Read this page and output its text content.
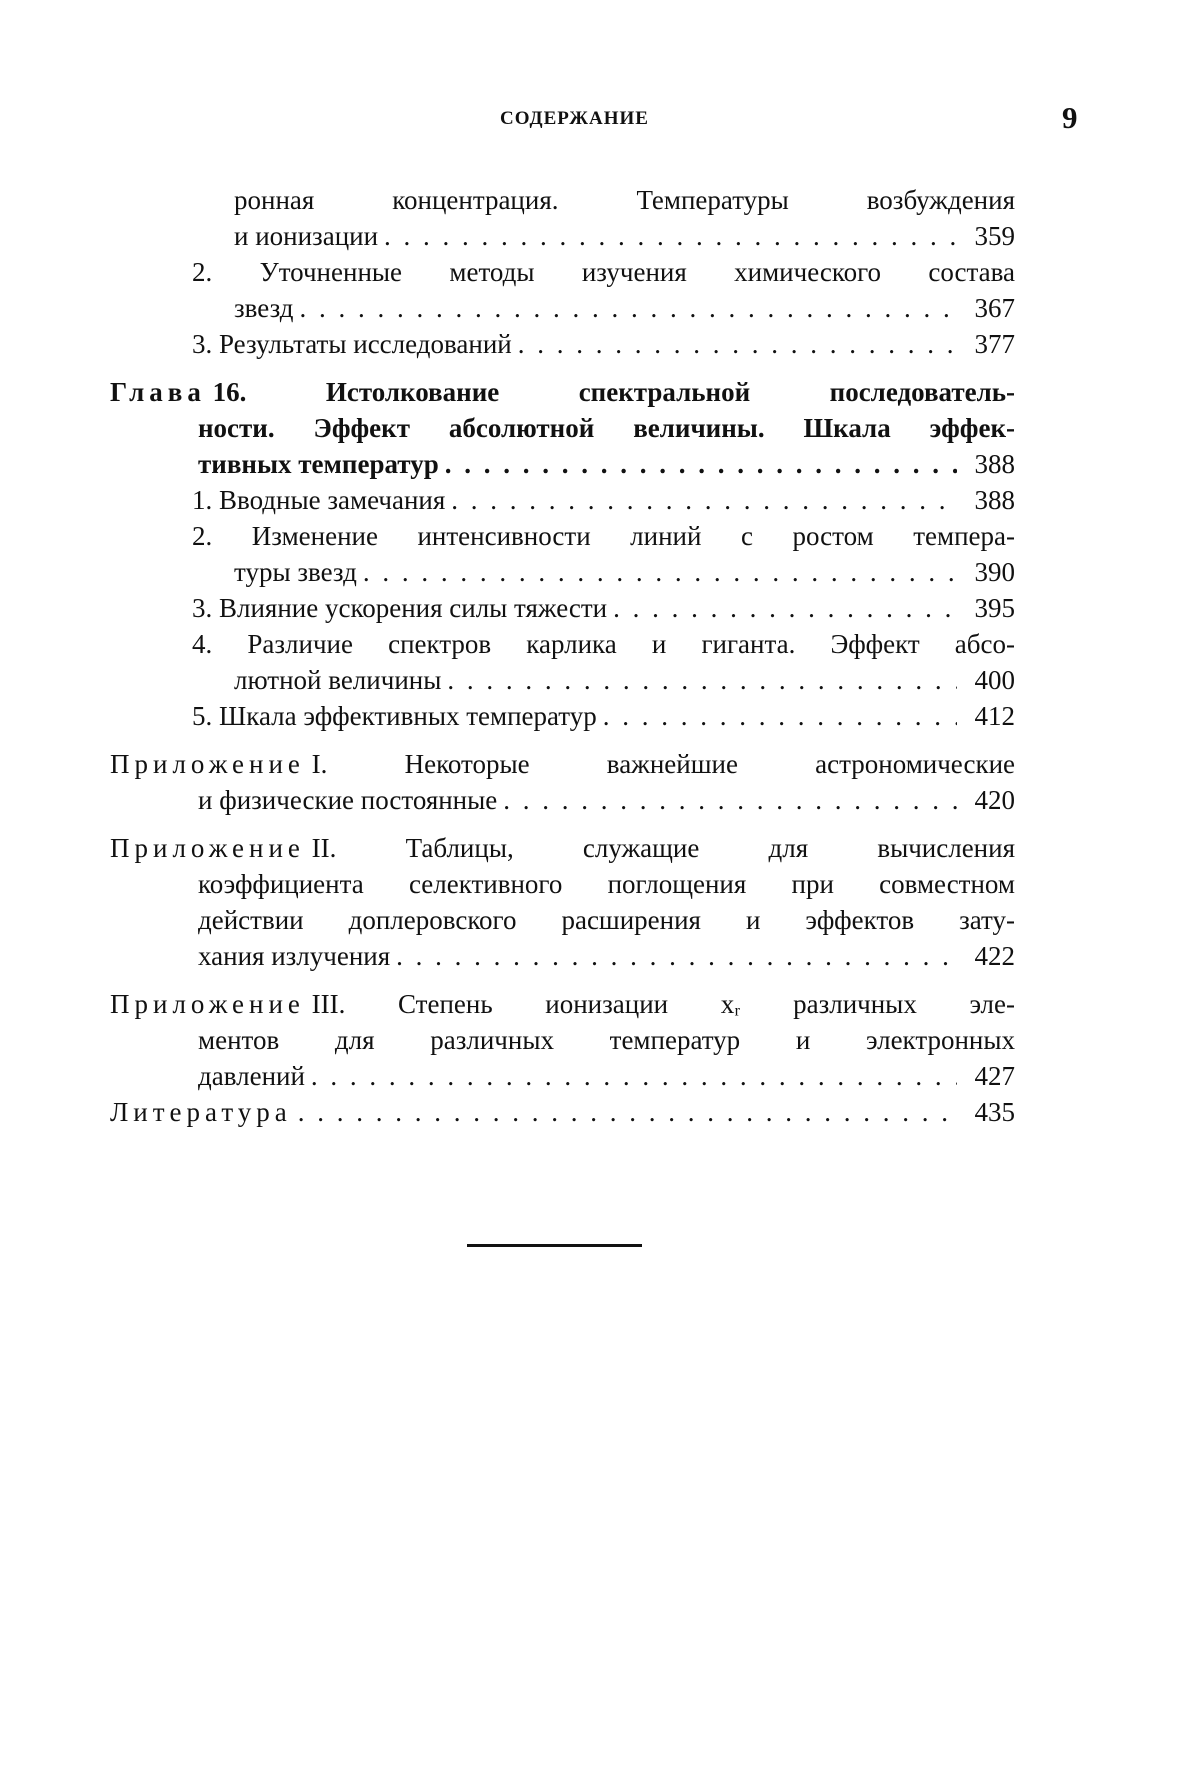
СОДЕРЖАНИЕ	9
ронная концентрация. Температуры возбуждения
и ионизации . . .	359
2. Уточненные методы изучения химического состава
звезд . . .	367
3. Результаты исследований . . .	377
Глава
16. Истолкование спектральной последователь-
ности. Эффект абсолютной величины. Шкала эффек-
тивных температур . . .	388
1. Вводные замечания . . .	388
2. Изменение интенсивности линий с ростом темпера-
туры звезд . . .	390
3. Влияние ускорения силы тяжести . . .	395
4. Различие спектров карлика и гиганта. Эффект абсо-
лютной величины . . .	400
5. Шкала эффективных температур . . .	412
Приложение
I. Некоторые важнейшие астрономические
и физические постоянные . . .	420
Приложение
II. Таблицы, служащие для вычисления
коэффициента селективного поглощения при совместном
действии доплеровского расширения и эффектов зату-
хания излучения . . .	422
Приложение
III. Степень ионизации xᵣ различных эле-
ментов для различных температур и электронных
давлений . . .	427
Литература . . .	435
